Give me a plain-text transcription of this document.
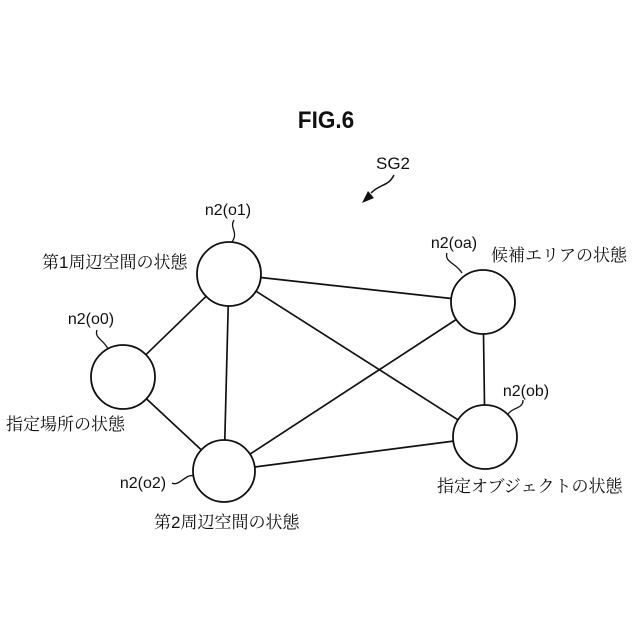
FIG.6
SG2
n2(o1)
第1周辺空間の状態
n2(o0)
指定場所の状態
n2(oa)
候補エリアの状態
n2(ob)
指定オブジェクトの状態
n2(o2)
第2周辺空間の状態
